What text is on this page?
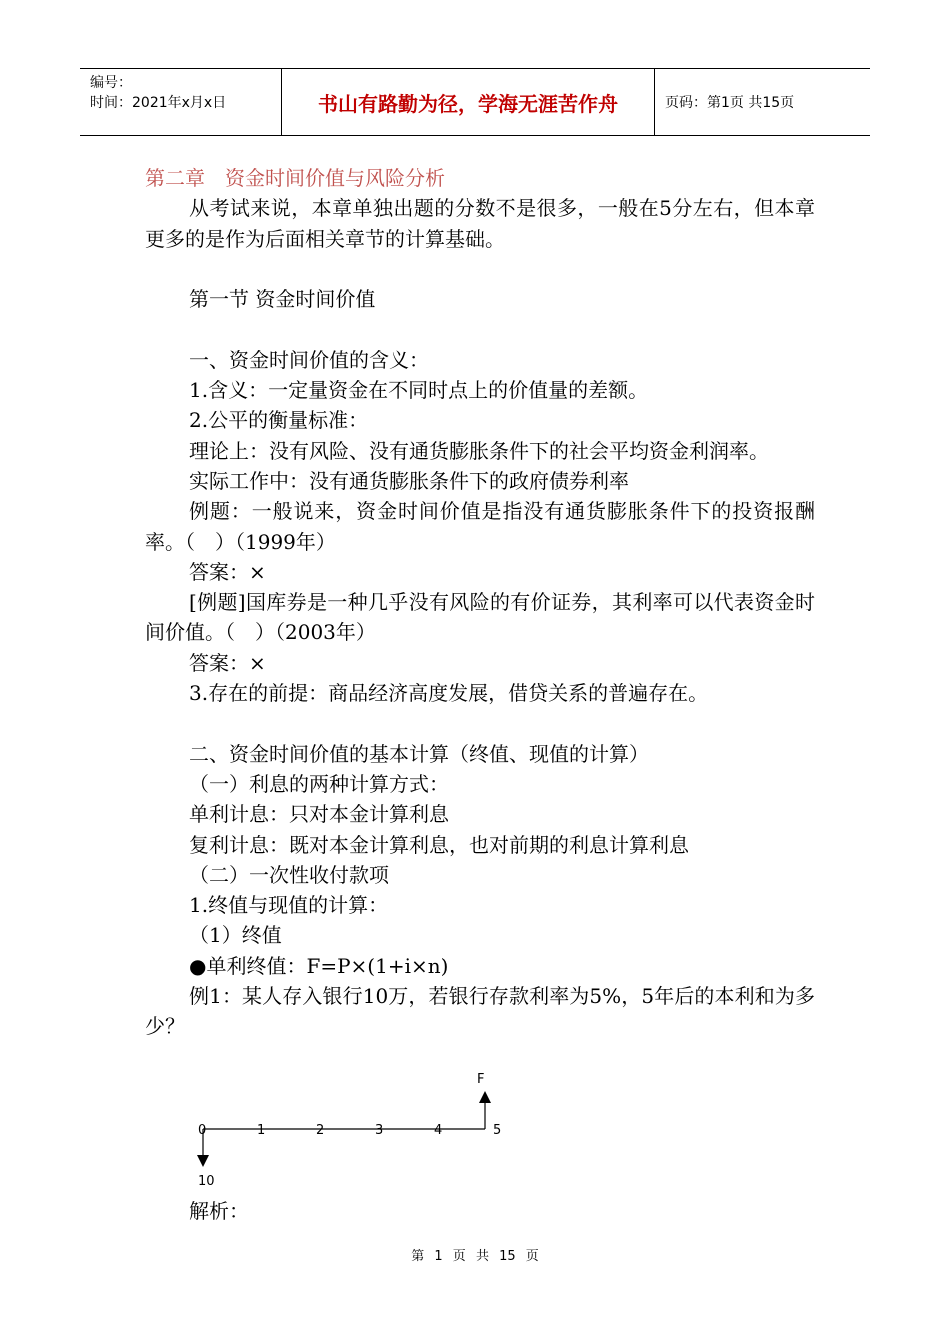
编号：
时间：2021年x月x日	书山有路勤为径，学海无涯苦作舟	页码：第1页 共15页

第二章　资金时间价值与风险分析

从考试来说，本章单独出题的分数不是很多，一般在5分左右，但本章更多的是作为后面相关章节的计算基础。

第一节 资金时间价值

一、资金时间价值的含义：

1.含义：一定量资金在不同时点上的价值量的差额。

2.公平的衡量标准：

理论上：没有风险、没有通货膨胀条件下的社会平均资金利润率。

实际工作中：没有通货膨胀条件下的政府债券利率

例题：一般说来，资金时间价值是指没有通货膨胀条件下的投资报酬率。（　）（1999年）

答案：×

[例题]国库券是一种几乎没有风险的有价证券，其利率可以代表资金时间价值。（　）（2003年）

答案：×

3.存在的前提：商品经济高度发展，借贷关系的普遍存在。

二、资金时间价值的基本计算（终值、现值的计算）

（一）利息的两种计算方式：

单利计息：只对本金计算利息

复利计息：既对本金计算利息，也对前期的利息计算利息

（二）一次性收付款项

1.终值与现值的计算：

（1）终值

●单利终值：F=P×(1+i×n)

例1：某人存入银行10万，若银行存款利率为5%，5年后的本利和为多少？

F
10
0	1	2	3	4	5

解析：

第 1 页 共 15 页
